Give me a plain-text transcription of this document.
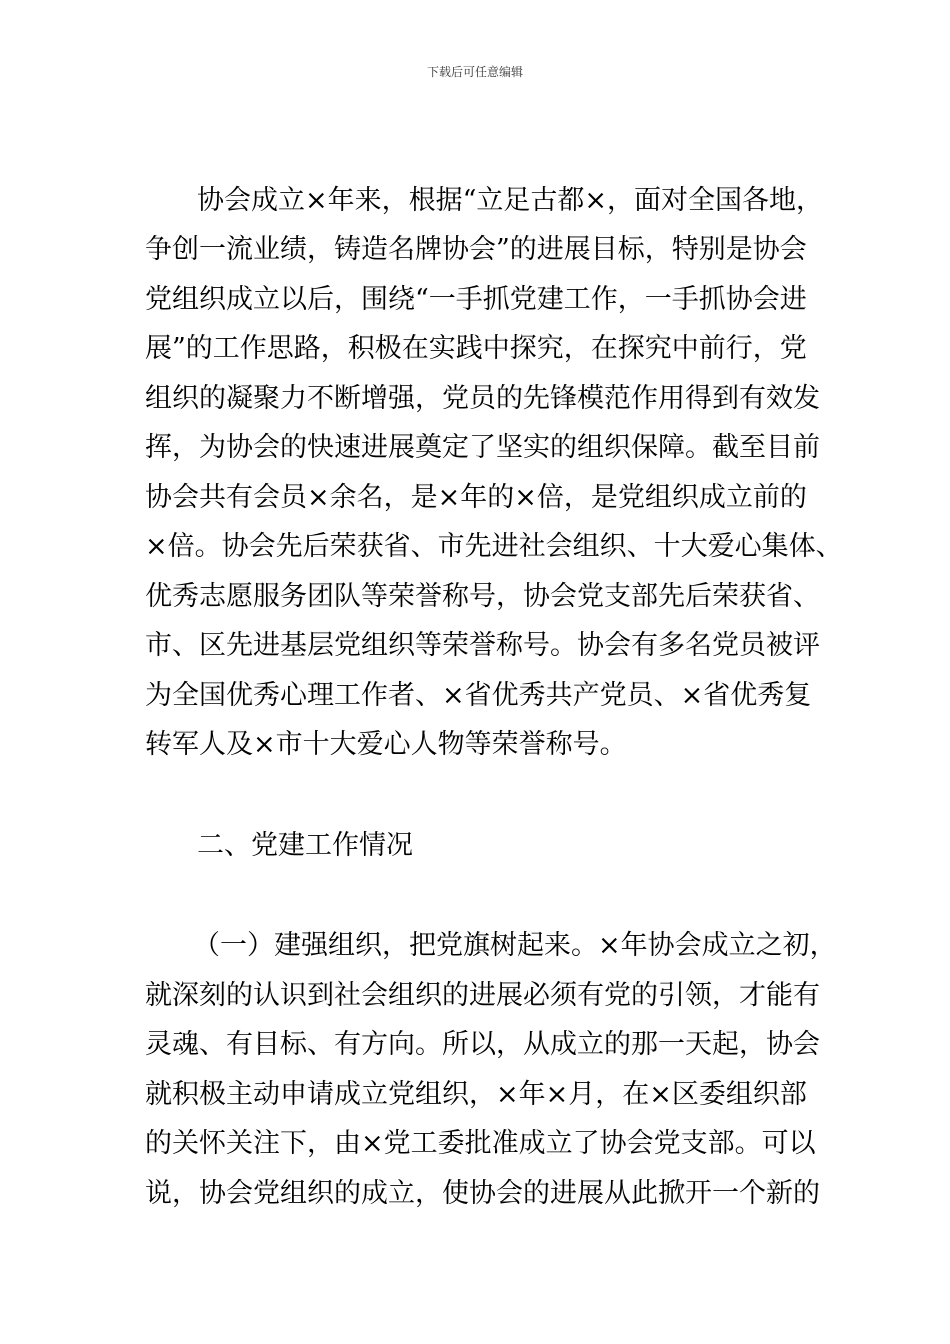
下载后可任意编辑
协会成立×年来，根据“立足古都×，面对全国各地，
争创一流业绩，铸造名牌协会”的进展目标，特别是协会
党组织成立以后，围绕“一手抓党建工作，一手抓协会进
展”的工作思路，积极在实践中探究，在探究中前行，党
组织的凝聚力不断增强，党员的先锋模范作用得到有效发
挥，为协会的快速进展奠定了坚实的组织保障。截至目前
协会共有会员×余名，是×年的×倍，是党组织成立前的
×倍。协会先后荣获省、市先进社会组织、十大爱心集体、
优秀志愿服务团队等荣誉称号，协会党支部先后荣获省、
市、区先进基层党组织等荣誉称号。协会有多名党员被评
为全国优秀心理工作者、×省优秀共产党员、×省优秀复
转军人及×市十大爱心人物等荣誉称号。
二、党建工作情况
（一）建强组织，把党旗树起来。×年协会成立之初，
就深刻的认识到社会组织的进展必须有党的引领，才能有
灵魂、有目标、有方向。所以，从成立的那一天起，协会
就积极主动申请成立党组织，×年×月，在×区委组织部
的关怀关注下，由×党工委批准成立了协会党支部。可以
说，协会党组织的成立，使协会的进展从此掀开一个新的
